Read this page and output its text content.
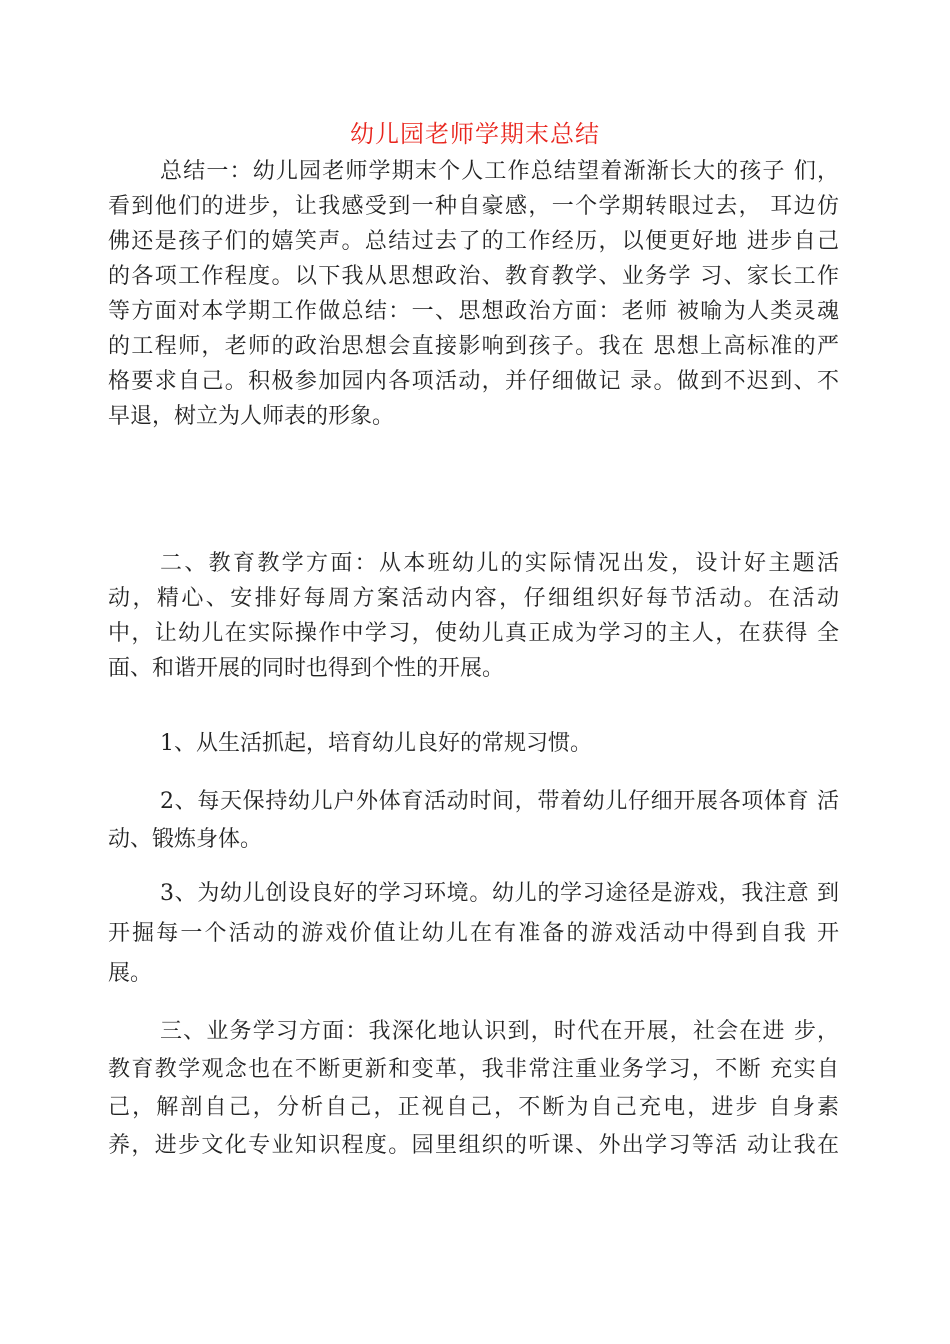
幼儿园老师学期末总结
总结一：幼儿园老师学期末个人工作总结望着渐渐长大的孩子 们，
看到他们的进步，让我感受到一种自豪感，一个学期转眼过去， 耳边仿
佛还是孩子们的嬉笑声。总结过去了的工作经历，以便更好地 进步自己
的各项工作程度。以下我从思想政治、教育教学、业务学 习、家长工作
等方面对本学期工作做总结：一、思想政治方面：老师 被喻为人类灵魂
的工程师，老师的政治思想会直接影响到孩子。我在 思想上高标准的严
格要求自己。积极参加园内各项活动，并仔细做记 录。做到不迟到、不
早退，树立为人师表的形象。
二、教育教学方面：从本班幼儿的实际情况出发，设计好主题活
动，精心、安排好每周方案活动内容，仔细组织好每节活动。在活动
中，让幼儿在实际操作中学习，使幼儿真正成为学习的主人，在获得 全
面、和谐开展的同时也得到个性的开展。
1、从生活抓起，培育幼儿良好的常规习惯。
2、每天保持幼儿户外体育活动时间，带着幼儿仔细开展各项体育 活
动、锻炼身体。
3、为幼儿创设良好的学习环境。幼儿的学习途径是游戏，我注意 到
开掘每一个活动的游戏价值让幼儿在有准备的游戏活动中得到自我 开
展。
三、业务学习方面：我深化地认识到，时代在开展，社会在进 步，
教育教学观念也在不断更新和变革，我非常注重业务学习，不断 充实自
己，解剖自己，分析自己，正视自己，不断为自己充电，进步 自身素
养，进步文化专业知识程度。园里组织的听课、外出学习等活 动让我在
